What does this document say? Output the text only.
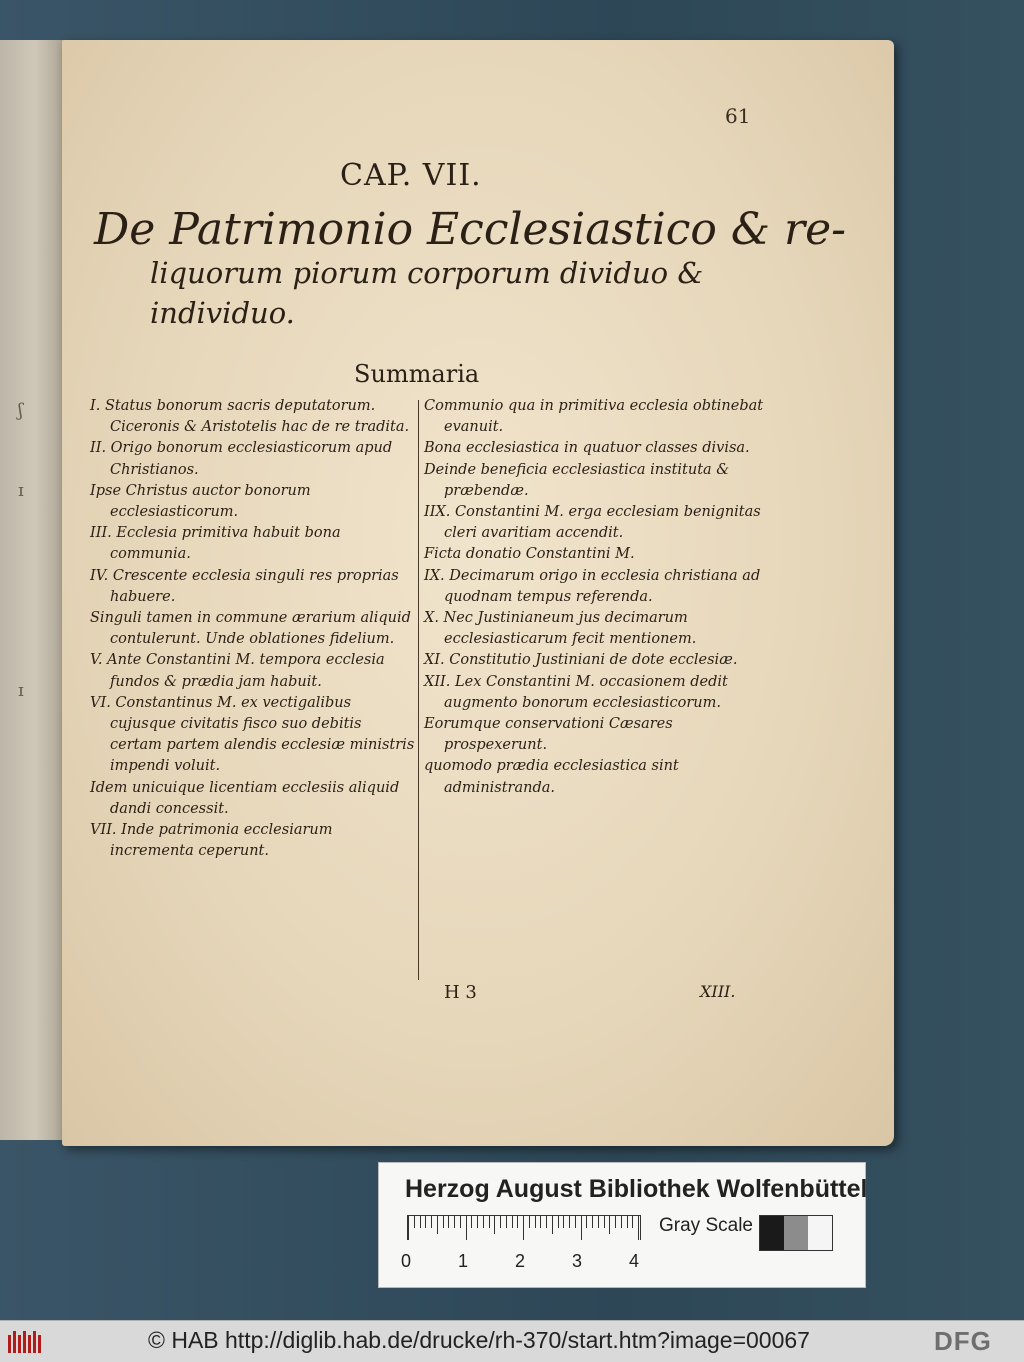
ʃ
ɪ
ɪ
61
CAP. VII.
De Patrimonio Ecclesiastico & re-
liquorum piorum corporum dividuo &
individuo.
Summaria

I. Status bonorum sacris deputatorum. Ciceronis & Aristotelis hac de re tradita.

II. Origo bonorum ecclesiasticorum apud Christianos.

Ipse Christus auctor bonorum ecclesiasticorum.

III. Ecclesia primitiva habuit bona communia.

IV. Crescente ecclesia singuli res proprias habuere.

Singuli tamen in commune ærarium aliquid contulerunt. Unde oblationes fidelium.

V. Ante Constantini M. tempora ecclesia fundos & prædia jam habuit.

VI. Constantinus M. ex vectigalibus cujusque civitatis fisco suo debitis certam partem alendis ecclesiæ ministris impendi voluit.

Idem unicuique licentiam ecclesiis aliquid dandi concessit.

VII. Inde patrimonia ecclesiarum incrementa ceperunt.

Communio qua in primitiva ecclesia obtinebat evanuit.

Bona ecclesiastica in quatuor classes divisa.

Deinde beneficia ecclesiastica instituta & præbendæ.

IIX. Constantini M. erga ecclesiam benignitas cleri avaritiam accendit.

Ficta donatio Constantini M.

IX. Decimarum origo in ecclesia christiana ad quodnam tempus referenda.

X. Nec Justinianeum jus decimarum ecclesiasticarum fecit mentionem.

XI. Constitutio Justiniani de dote ecclesiæ.

XII. Lex Constantini M. occasionem dedit augmento bonorum ecclesiasticorum.

Eorumque conservationi Cæsares prospexerunt.

quomodo prædia ecclesiastica sint administranda.

H 3	XIII.
Herzog August Bibliothek Wolfenbüttel
0	1	2	3	4
Gray Scale
© HAB http://diglib.hab.de/drucke/rh-370/start.htm?image=00067	DFG
